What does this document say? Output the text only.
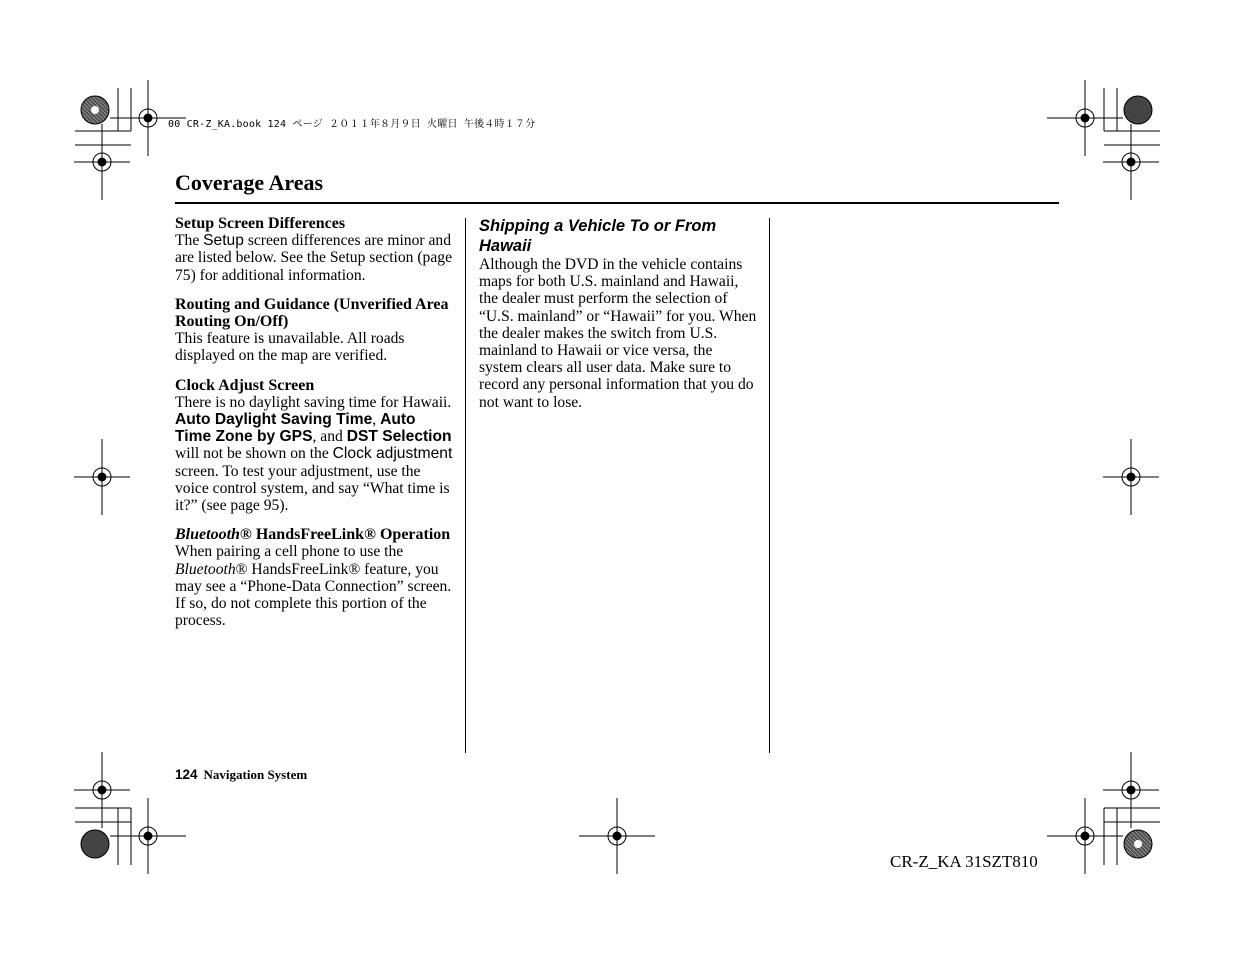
00 CR-Z_KA.book 124 ページ ２０１１年８月９日 火曜日 午後４時１７分
Coverage Areas
Setup Screen Differences
The Setup screen differences are minor and are listed below. See the Setup section (page 75) for additional information.
Routing and Guidance (Unverified Area Routing On/Off)
This feature is unavailable. All roads displayed on the map are verified.
Clock Adjust Screen
There is no daylight saving time for Hawaii. Auto Daylight Saving Time, Auto Time Zone by GPS, and DST Selection will not be shown on the Clock adjustment screen. To test your adjustment, use the voice control system, and say “What time is it?” (see page 95).
Bluetooth® HandsFreeLink® Operation
When pairing a cell phone to use the Bluetooth® HandsFreeLink® feature, you may see a “Phone-Data Connection” screen. If so, do not complete this portion of the process.
Shipping a Vehicle To or From Hawaii
Although the DVD in the vehicle contains maps for both U.S. mainland and Hawaii, the dealer must perform the selection of “U.S. mainland” or “Hawaii” for you. When the dealer makes the switch from U.S. mainland to Hawaii or vice versa, the system clears all user data. Make sure to record any personal information that you do not want to lose.
124 Navigation System
CR-Z_KA 31SZT810
